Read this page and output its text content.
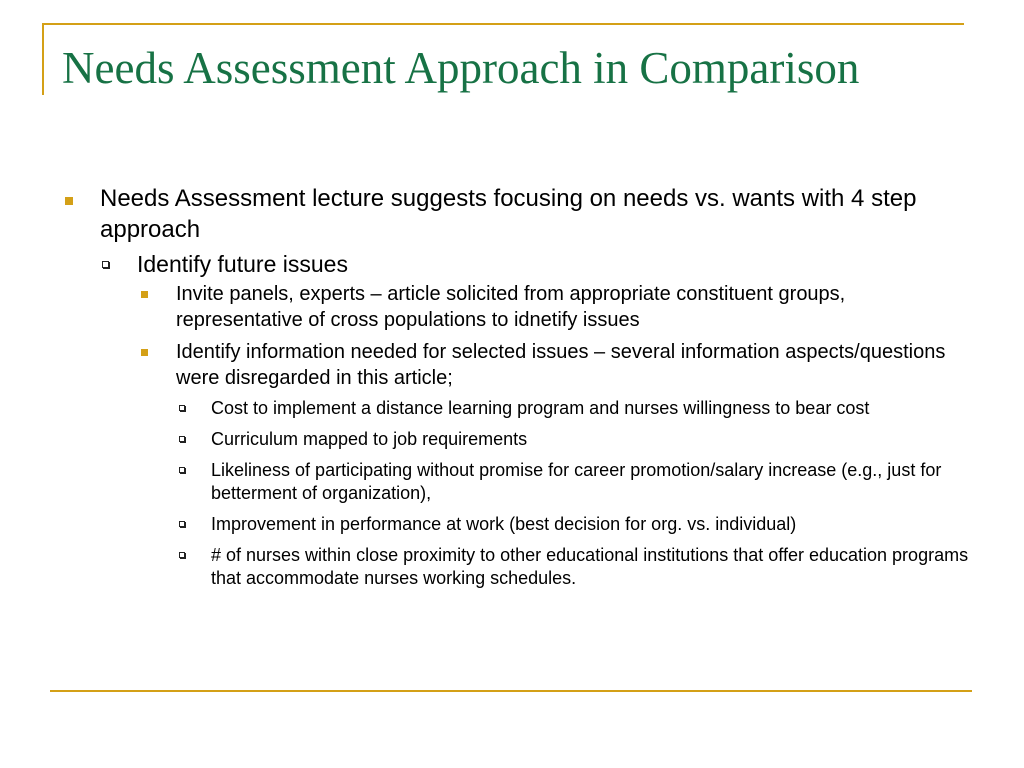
Needs Assessment Approach in Comparison
Needs Assessment lecture suggests focusing on needs vs. wants with 4 step approach
Identify future issues
Invite panels, experts – article solicited from appropriate constituent groups, representative of cross populations to idnetify issues
Identify information needed for selected issues – several information aspects/questions were disregarded in this article;
Cost to implement a distance learning program and nurses willingness to bear cost
Curriculum mapped to job requirements
Likeliness of participating without promise for career promotion/salary increase (e.g., just for betterment of organization),
Improvement in performance at work (best decision for org. vs. individual)
# of nurses within close proximity to other educational institutions that offer education programs that accommodate nurses working schedules.
